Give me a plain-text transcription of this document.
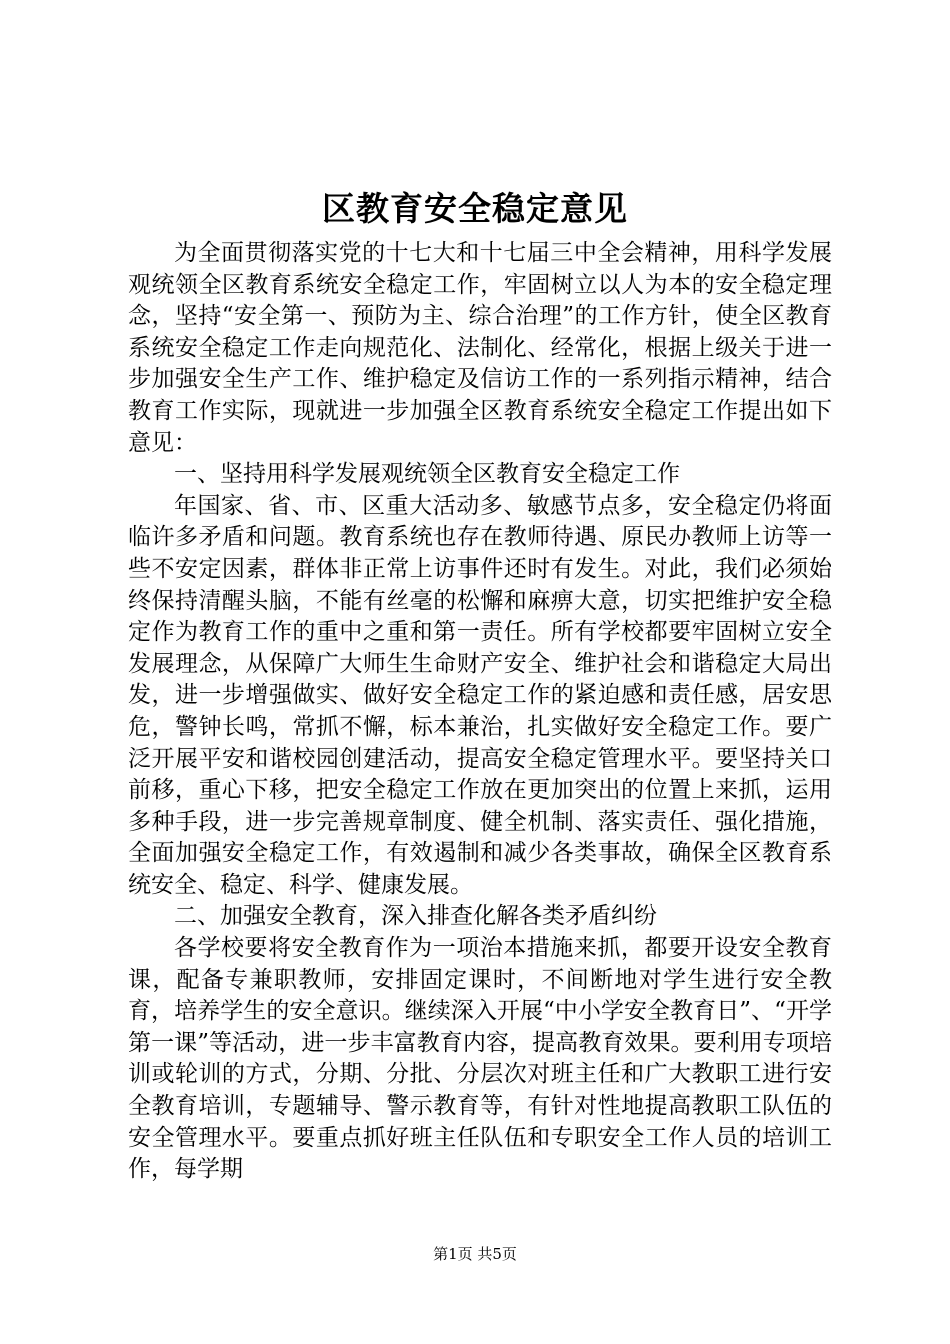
区教育安全稳定意见

为全面贯彻落实党的十七大和十七届三中全会精神，用科学发展观统领全区教育系统安全稳定工作，牢固树立以人为本的安全稳定理念，坚持“安全第一、预防为主、综合治理”的工作方针，使全区教育系统安全稳定工作走向规范化、法制化、经常化，根据上级关于进一步加强安全生产工作、维护稳定及信访工作的一系列指示精神，结合教育工作实际，现就进一步加强全区教育系统安全稳定工作提出如下意见：

一、坚持用科学发展观统领全区教育安全稳定工作

年国家、省、市、区重大活动多、敏感节点多，安全稳定仍将面临许多矛盾和问题。教育系统也存在教师待遇、原民办教师上访等一些不安定因素，群体非正常上访事件还时有发生。对此，我们必须始终保持清醒头脑，不能有丝毫的松懈和麻痹大意，切实把维护安全稳定作为教育工作的重中之重和第一责任。所有学校都要牢固树立安全发展理念，从保障广大师生生命财产安全、维护社会和谐稳定大局出发，进一步增强做实、做好安全稳定工作的紧迫感和责任感，居安思危，警钟长鸣，常抓不懈，标本兼治，扎实做好安全稳定工作。要广泛开展平安和谐校园创建活动，提高安全稳定管理水平。要坚持关口前移，重心下移，把安全稳定工作放在更加突出的位置上来抓，运用多种手段，进一步完善规章制度、健全机制、落实责任、强化措施，全面加强安全稳定工作，有效遏制和减少各类事故，确保全区教育系统安全、稳定、科学、健康发展。

二、加强安全教育，深入排查化解各类矛盾纠纷

各学校要将安全教育作为一项治本措施来抓，都要开设安全教育课，配备专兼职教师，安排固定课时，不间断地对学生进行安全教育，培养学生的安全意识。继续深入开展“中小学安全教育日”、“开学第一课”等活动，进一步丰富教育内容，提高教育效果。要利用专项培训或轮训的方式，分期、分批、分层次对班主任和广大教职工进行安全教育培训，专题辅导、警示教育等，有针对性地提高教职工队伍的安全管理水平。要重点抓好班主任队伍和专职安全工作人员的培训工作，每学期

第1页 共5页
